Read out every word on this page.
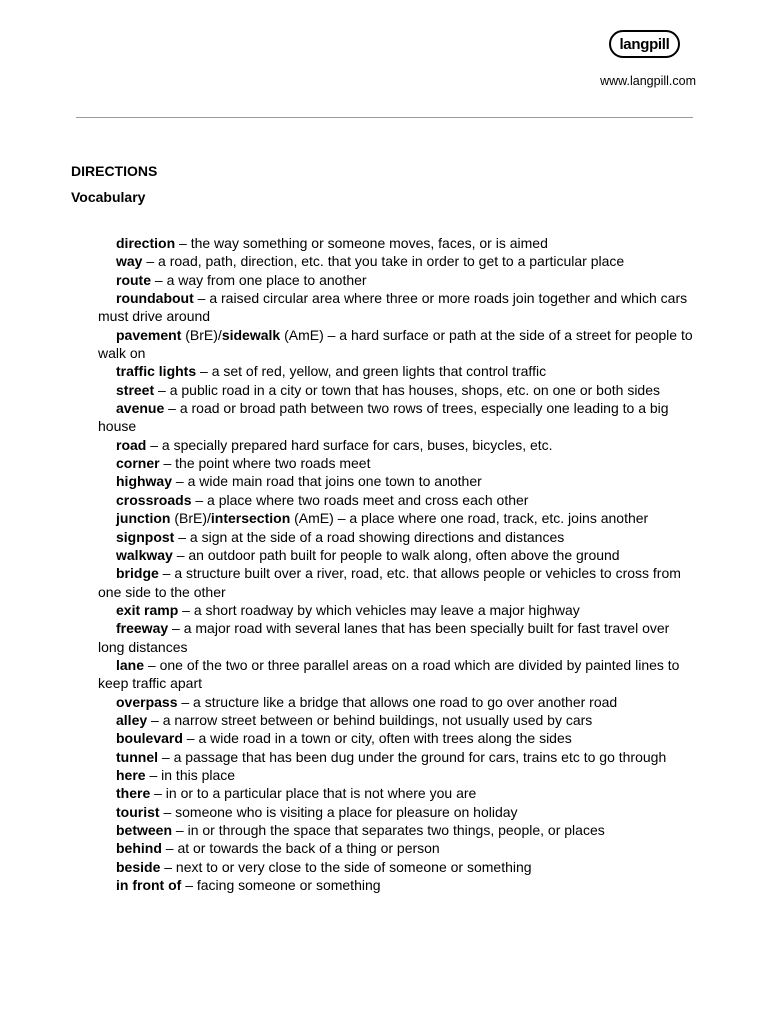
langpill
www.langpill.com
DIRECTIONS
Vocabulary

direction – the way something or someone moves, faces, or is aimed

way – a road, path, direction, etc. that you take in order to get to a particular place

route – a way from one place to another

roundabout – a raised circular area where three or more roads join together and which cars must drive around

pavement (BrE)/sidewalk (AmE) – a hard surface or path at the side of a street for people to walk on

traffic lights – a set of red, yellow, and green lights that control traffic

street – a public road in a city or town that has houses, shops, etc. on one or both sides

avenue – a road or broad path between two rows of trees, especially one leading to a big house

road – a specially prepared hard surface for cars, buses, bicycles, etc.

corner – the point where two roads meet

highway – a wide main road that joins one town to another

crossroads – a place where two roads meet and cross each other

junction (BrE)/intersection (AmE) – a place where one road, track, etc. joins another

signpost – a sign at the side of a road showing directions and distances

walkway – an outdoor path built for people to walk along, often above the ground

bridge – a structure built over a river, road, etc. that allows people or vehicles to cross from one side to the other

exit ramp – a short roadway by which vehicles may leave a major highway

freeway – a major road with several lanes that has been specially built for fast travel over long distances

lane – one of the two or three parallel areas on a road which are divided by painted lines to keep traffic apart

overpass – a structure like a bridge that allows one road to go over another road

alley – a narrow street between or behind buildings, not usually used by cars

boulevard – a wide road in a town or city, often with trees along the sides

tunnel – a passage that has been dug under the ground for cars, trains etc to go through

here – in this place

there – in or to a particular place that is not where you are

tourist – someone who is visiting a place for pleasure on holiday

between – in or through the space that separates two things, people, or places

behind – at or towards the back of a thing or person

beside – next to or very close to the side of someone or something

in front of – facing someone or something
